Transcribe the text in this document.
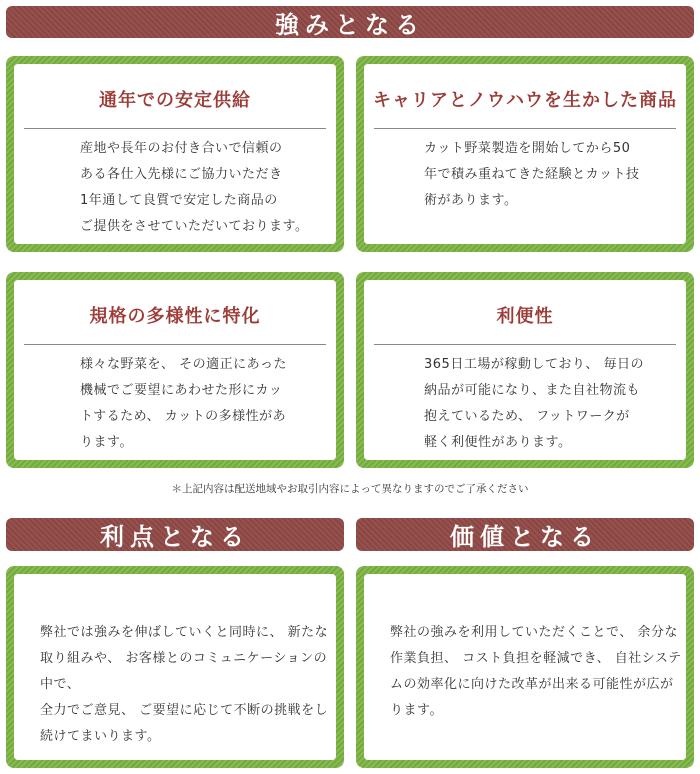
強みとなる
通年での安定供給
産地や長年のお付き合いで信頼の
ある各仕入先様にご協力いただき
1年通して良質で安定した商品の
ご提供をさせていただいております。
キャリアとノウハウを生かした商品
カット野菜製造を開始してから50
年で積み重ねてきた経験とカット技
術があります。
規格の多様性に特化
様々な野菜を、 その適正にあった
機械でご要望にあわせた形にカッ
トするため、 カットの多様性があ
ります。
利便性
365日工場が稼動しており、 毎日の
納品が可能になり、また自社物流も
抱えているため、 フットワークが
軽く利便性があります。
＊上記内容は配送地域やお取引内容によって異なりますのでご了承ください
利点となる	価値となる
弊社では強みを伸ばしていくと同時に、 新たな
取り組みや、 お客様とのコミュニケーションの中で、
全力でご意見、 ご要望に応じて不断の挑戦をし
続けてまいります。
弊社の強みを利用していただくことで、 余分な
作業負担、 コスト負担を軽減でき、 自社システ
ムの効率化に向けた改革が出来る可能性が広が
ります。
